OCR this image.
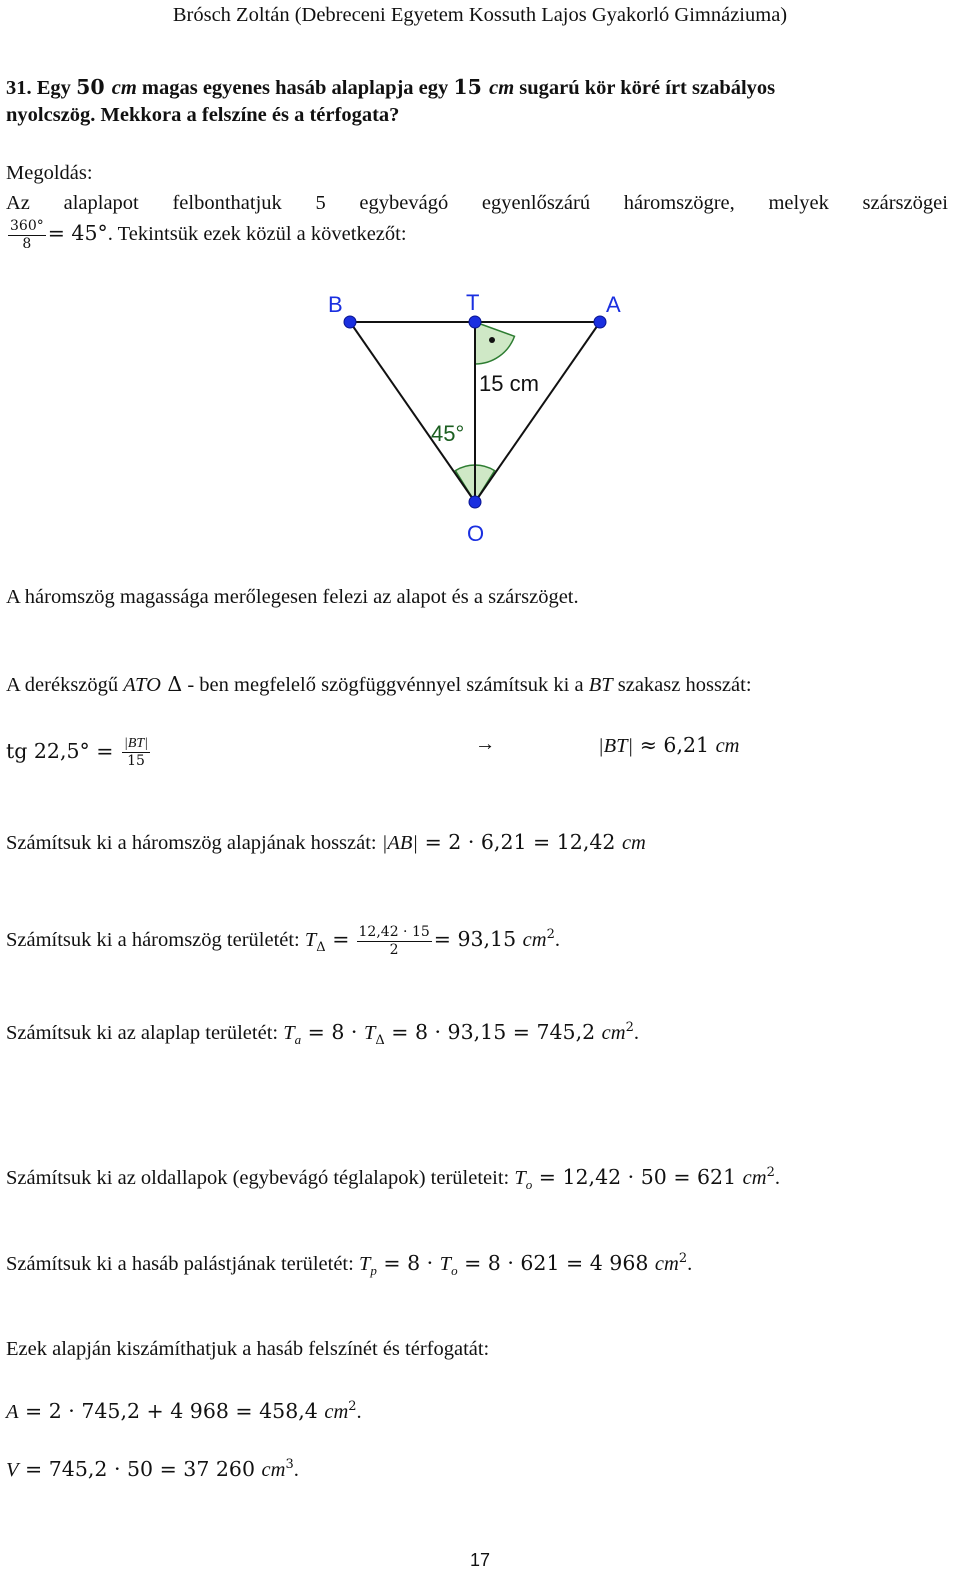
Brósch Zoltán (Debreceni Egyetem Kossuth Lajos Gyakorló Gimnáziuma)
31. Egy 50 cm magas egyenes hasáb alaplapja egy 15 cm sugarú kör köré írt szabályos
nyolcszög. Mekkora a felszíne és a térfogata?
Megoldás:
Az alaplapot felbonthatjuk 5 egybevágó egyenlőszárú háromszögre, melyek szárszögei
$\frac{360^\circ}{8} = 45^\circ$. Tekintsük ezek közül a következőt:
B	T	A
O
15 cm
45°
A háromszög magassága merőlegesen felezi az alapot és a szárszöget.
A derékszögű ATO Δ - ben megfelelő szögfüggvénnyel számítsuk ki a BT szakasz hosszát:
tg $22,5^\circ = \frac{|BT|}{15}$	→	|BT| ≈ 6,21 cm
Számítsuk ki a háromszög alapjának hosszát: |AB| = 2 · 6,21 = 12,42 cm
Számítsuk ki a háromszög területét: $T_\Delta = \frac{12,42 \cdot 15}{2} = 93,15$ $cm^2$.
Számítsuk ki az alaplap területét: $T_a = 8 \cdot T_\Delta = 8 \cdot 93,15 = 745,2$ $cm^2$.
Számítsuk ki az oldallapok (egybevágó téglalapok) területeit: $T_o = 12,42 \cdot 50 = 621$ $cm^2$.
Számítsuk ki a hasáb palástjának területét: $T_p = 8 \cdot T_o = 8 \cdot 621 = 4$ 968 $cm^2$.
Ezek alapján kiszámíthatjuk a hasáb felszínét és térfogatát:
A = 2 · 745,2 + 4 968 = 458,4 $cm^2$.
V = 745,2 · 50 = 37 260 $cm^3$.
17
